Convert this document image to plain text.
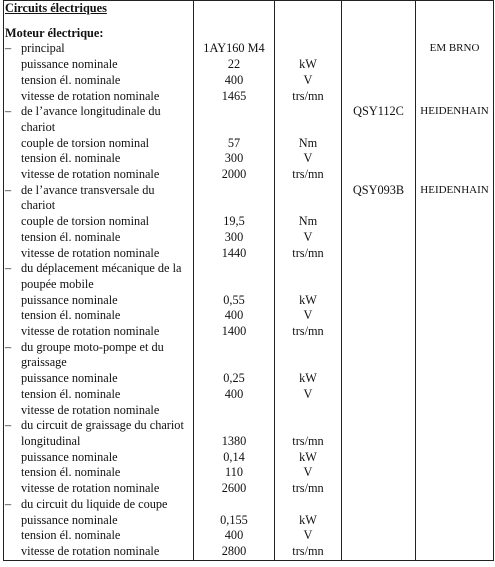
Circuits électriques				

Moteur électrique:				
– principal	1AY160 M4			EM BRNO
puissance nominale	22	kW		
tension él. nominale	400	V		
vitesse de rotation nominale	1465	trs/mn		
– de l’avance longitudinale du			QSY112C	HEIDENHAIN
chariot				
couple de torsion nominal	57	Nm		
tension él. nominale	300	V		
vitesse de rotation nominale	2000	trs/mn		
– de l’avance transversale du			QSY093B	HEIDENHAIN
chariot				
couple de torsion nominal	19,5	Nm		
tension él. nominale	300	V		
vitesse de rotation nominale	1440	trs/mn		
– du déplacement mécanique de la				
poupée mobile				
puissance nominale	0,55	kW		
tension él. nominale	400	V		
vitesse de rotation nominale	1400	trs/mn		
– du groupe moto-pompe et du				
graissage				
puissance nominale	0,25	kW		
tension él. nominale	400	V		
vitesse de rotation nominale				
– du circuit de graissage du chariot				
longitudinal	1380	trs/mn		
puissance nominale	0,14	kW		
tension él. nominale	110	V		
vitesse de rotation nominale	2600	trs/mn		
– du circuit du liquide de coupe				
puissance nominale	0,155	kW		
tension él. nominale	400	V		
vitesse de rotation nominale	2800	trs/mn		
